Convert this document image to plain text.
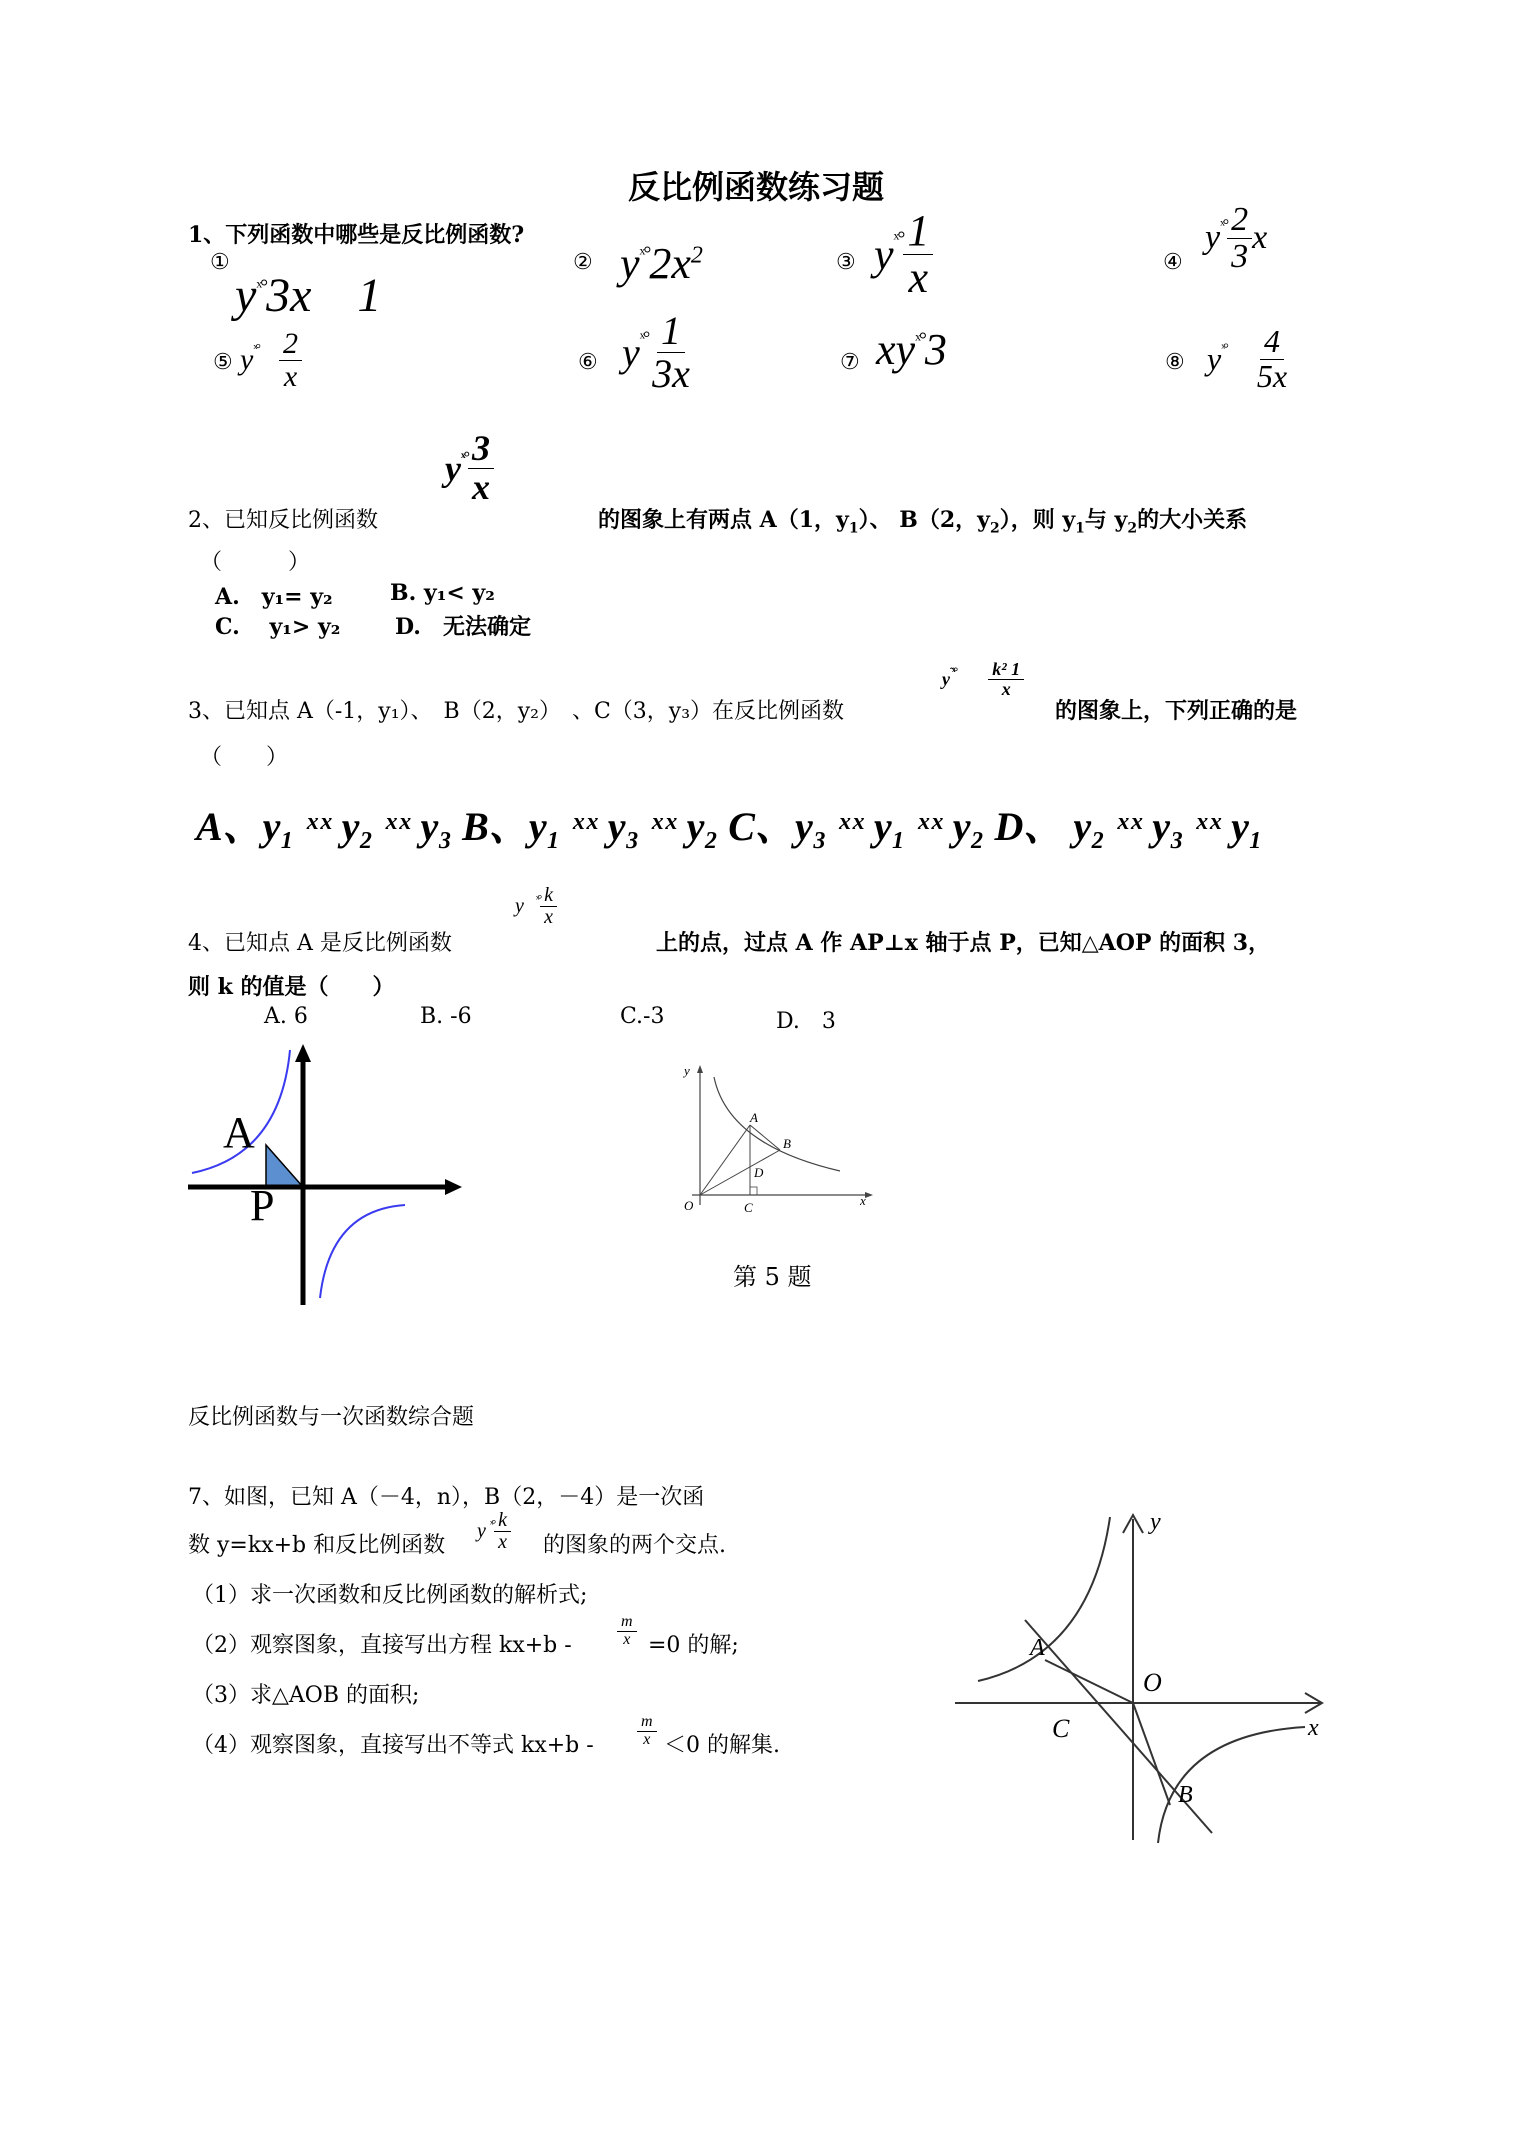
反比例函数练习题
1、下列函数中哪些是反比例函数?
①
$y^{ˣ^\circ}3x$ 1
② $y^{ˣ^\circ}2x^2$	③ $y^{ˣ^\circ} \frac{1}{x}$	④
$y^{ˣ^\circ} \frac{2}{3}$ x
⑤ $y^{ˣ^\circ} \frac{2}{x}$	⑥ $y^{ˣ^\circ} \frac{1}{3x}$	⑦ $xy^{ˣ^\circ}3$	⑧ $y^{ˣ^\circ} \frac{4}{5x}$
$y^{ˣ^\circ} \frac{3}{x}$
2、已知反比例函数	的图象上有两点 A（1，$y_1$）、 B（2，$y_2$），则 $y_1$与 $y_2$的大小关系
（　　　）
A.　y₁= y₂	B. y₁< y₂
C.　 y₁> y₂ D.　无法确定
3、已知点 A（-1，y₁）、　B（2，y₂）　、C（3，y₃）在反比例函数
$y^{˜ˣ^\circ} \frac{\text{k² 1}}{x}$
的图象上，下列正确的是
（　　）
A、y₁ ˣˣ y₂ ˣˣ y₃ B、y₁ ˣˣ y₃ ˣˣ y₂ C、y₃ ˣˣ y₁ ˣˣ y₂ D、 y₂ ˣˣ y₃ ˣˣ y₁
y $^{ˣ^\circ} \frac{k}{x}$
4、已知点 A 是反比例函数	上的点，过点 A 作 AP⊥x 轴于点 P，已知△AOP 的面积 3，
则 k 的值是（　　）
A. 6	B. -6	C.-3	D.　3
A
P
y
x
O
A
B
C
D
第 5 题
反比例函数与一次函数综合题
7、如图，已知 A（－4，n），B（2，－4）是一次函
数 y=kx+b 和反比例函数
y $^{ˣ^\circ} \frac{k}{x}$ 的图象的两个交点.
（1）求一次函数和反比例函数的解析式;
（2）观察图象，直接写出方程 kx+b -	$\frac{m}{x} =0$ 的解;
（3）求△AOB 的面积;
（4）观察图象，直接写出不等式 kx+b -	$\frac{m}{x} <0$ 的解集.
y
x
O
A
B
C
